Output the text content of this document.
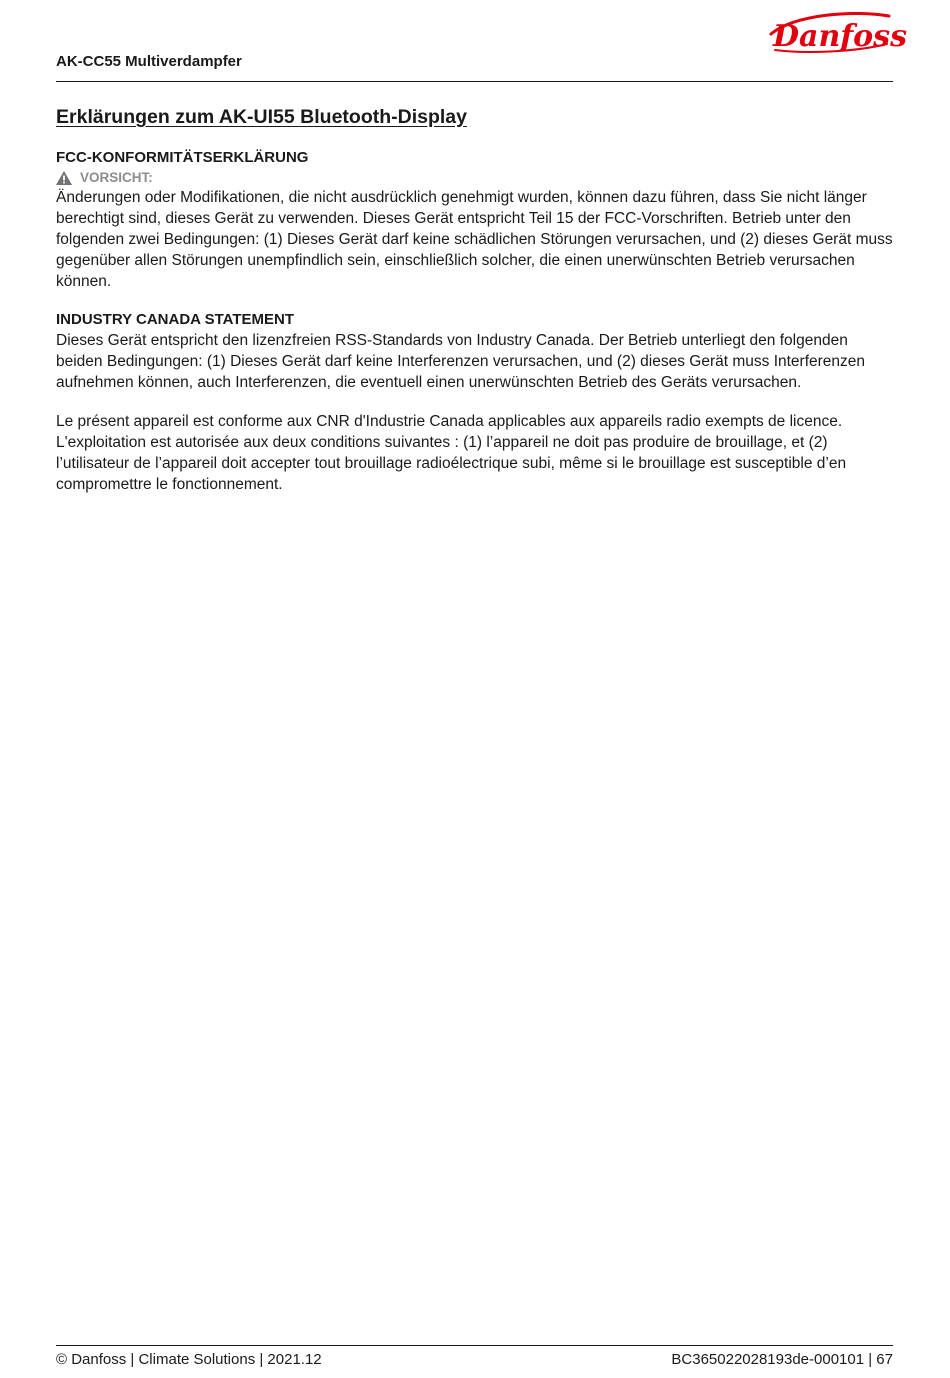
AK-CC55 Multiverdampfer
Danfoss
Erklärungen zum AK-UI55 Bluetooth-Display
FCC-KONFORMITÄTSERKLÄRUNG
VORSICHT:

Änderungen oder Modifikationen, die nicht ausdrücklich genehmigt wurden, können dazu führen, dass Sie nicht länger berechtigt sind, dieses Gerät zu verwenden. Dieses Gerät entspricht Teil 15 der FCC-Vorschriften. Betrieb unter den folgenden zwei Bedingungen: (1) Dieses Gerät darf keine schädlichen Störungen verursachen, und (2) dieses Gerät muss gegenüber allen Störungen unempfindlich sein, einschließlich solcher, die einen unerwünschten Betrieb verursachen können.

INDUSTRY CANADA STATEMENT

Dieses Gerät entspricht den lizenzfreien RSS-Standards von Industry Canada. Der Betrieb unterliegt den folgenden beiden Bedingungen: (1) Dieses Gerät darf keine Interferenzen verursachen, und (2) dieses Gerät muss Interferenzen aufnehmen können, auch Interferenzen, die eventuell einen unerwünschten Betrieb des Geräts verursachen.

Le présent appareil est conforme aux CNR d'Industrie Canada applicables aux appareils radio exempts de licence. L'exploitation est autorisée aux deux conditions suivantes : (1) l’appareil ne doit pas produire de brouillage, et (2) l’utilisateur de l’appareil doit accepter tout brouillage radioélectrique subi, même si le brouillage est susceptible d’en compromettre le fonctionnement.

© Danfoss | Climate Solutions | 2021.12	BC365022028193de-000101 | 67
